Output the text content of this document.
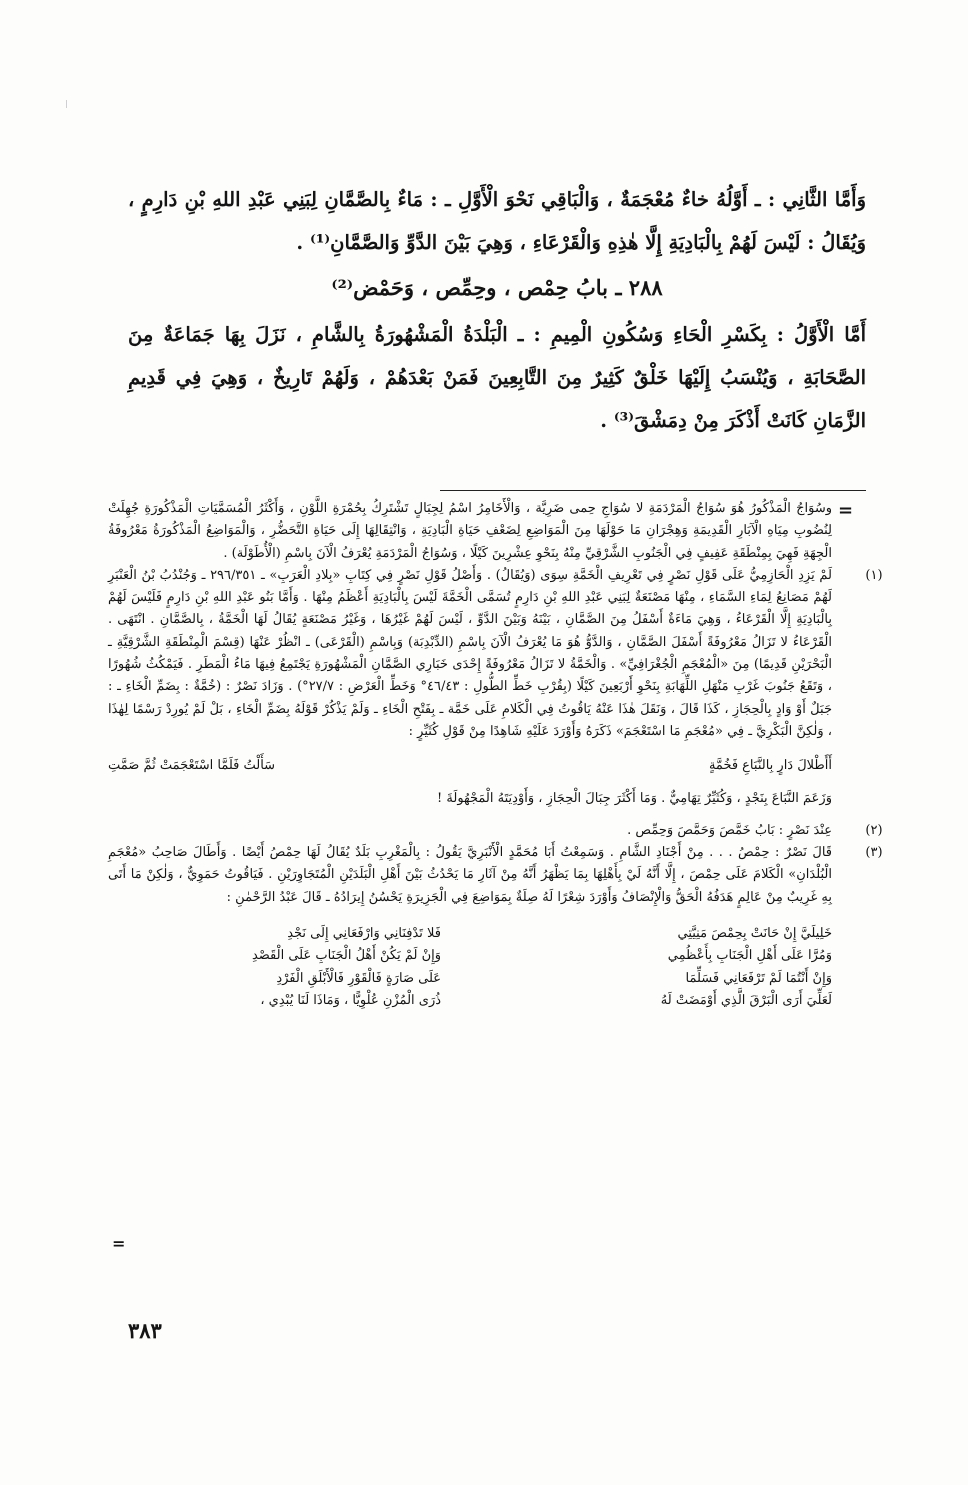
وَأَمَّا الثَّانِي : ـ أَوَّلُهُ خاءٌ مُعْجَمَةٌ ، وَالْبَاقِي نَحْوَ الْأَوَّلِ ـ : مَاءٌ بِالصَّمَّانِ لِبَنِي عَبْدِ اللهِ بْنِ دَارِمٍ ، وَيُقَالُ : لَيْسَ لَهُمْ بِالْبَادِيَةِ إِلَّا هٰذِهِ وَالْقَرْعَاءِ ، وَهِيَ بَيْنَ الدَّوِّ وَالصَّمَّانِ⁽¹⁾ .

٢٨٨ ـ بابُ حِمْص ، وحِمِّص ، وَحَمْض⁽²⁾

أَمَّا الْأَوَّلُ : بِكَسْرِ الْحَاءِ وَسُكُونِ الْمِيمِ : ـ الْبَلْدَةُ الْمَشْهُورَةُ بِالشَّامِ ، نَزَلَ بِهَا جَمَاعَةٌ مِنَ الصَّحَابَةِ ، وَيُنْسَبُ إِلَيْهَا خَلْقٌ كَثِيرٌ مِنَ التَّابِعِينَ فَمَنْ بَعْدَهُمْ ، وَلَهُمْ تَارِيخٌ ، وَهِيَ فِي قَدِيمِ الزَّمَانِ كَانَتْ أَذْكَرَ مِنْ دِمَشْقَ⁽³⁾ .

=

وسُوَاجُ الْمَذْكُورُ هُوَ سُوَاجُ الْمَرْدَمَةِ لا سُوَاجِ حِمى ضَرِيَّة ، وَالْأَخَامِرُ اسْمُ لِجِبَالٍ تَشْتَرِكُ بِحُمْرَةِ اللَّوْنِ ، وَأَكْثَرُ الْمُسَمَّيَاتِ الْمَذْكُورَةِ جُهِلَتْ لِنُضُوبِ مِيَاهِ الْآبَارِ الْقَدِيمَةِ وَهِجْرَانِ مَا حَوْلَهَا مِنَ الْمَوَاضِعِ لِضَعْفِ حَيَاةِ الْبَادِيَةِ ، وَانْتِقَالِهَا إِلَى حَيَاةِ التَّحَضُّرِ ، وَالْمَوَاضِعُ الْمَذْكُورَةُ مَعْرُوفَةُ الْجِهَةِ فَهِيَ بِمِنْطَقَةِ عَفِيفٍ فِي الْجَنُوبِ الشَّرْقِيِّ مِنْهُ بِنَحْوِ عِشْرِينَ كَيْلًا ، وَسُوَاجُ الْمَرْدَمَةِ يُعْرَفُ الْآنَ بِاسْمِ (الْأُطَوْلَة) .

(١)

لَمْ يَزِدِ الْحَازِمِيُّ عَلَى قَوْلِ نَصْرٍ فِي تَعْرِيفِ الْخَمَّةِ سِوَى (وَيُقَالُ) . وَأَصْلُ قَوْلِ نَصْرٍ فِي كِتَابِ «بِلادِ الْعَرَبِ» ـ ٢٩٦/٣٥١ ـ وَجُنْدُبُ بْنُ الْعَنْبَرِ لَهُمْ مَصَانِعُ لِمَاءِ السَّمَاءِ ، مِنْهَا مَصْنَعَةٌ لِبَنِي عَبْدِ اللهِ بْنِ دَارِمٍ تُسَمَّى الْخَمَّةَ لَيْسَ بِالْبَادِيَةِ أَعْظَمُ مِنْهَا . وَأَمَّا بَنُو عَبْدِ اللهِ بْنِ دَارِمٍ فَلَيْسَ لَهُمْ بِالْبَادِيَةِ إِلَّا الْقَرْعَاءُ ، وَهِيَ مَاءَةٌ أَسْفَلُ مِنَ الصَّمَّانِ ، بَيْنَهُ وَبَيْنَ الدَّوِّ ، لَيْسَ لَهُمْ غَيْرُهَا ، وَغَيْرُ مَصْنَعَةٍ يُقَالُ لَهَا الْخَمَّةُ ، بِالصَّمَّانِ . انْتَهَى . الْقَرْعَاءُ لا تَزَالُ مَعْرُوفَةً أَسْفَلَ الصَّمَّانِ ، وَالدَّوُّ هُوَ مَا يُعْرَفُ الْآنَ بِاسْمِ (الدِّبْدِبَة) وَبِاسْمِ (الْقَرْعَى) ـ انْظُرْ عَنْهَا (قِسْمَ الْمِنْطَقَةِ الشَّرْقِيَّةِ ـ الْبَحْرَيْنِ قَدِيمًا) مِنَ «الْمُعْجَمِ الْجُغْرَافِيِّ» . وَالْخَمَّةُ لا تَزَالُ مَعْرُوفَةً إِحْدَى خَبَارِي الصَّمَّانِ الْمَشْهُورَةِ يَجْتَمِعُ فِيهَا مَاءُ الْمَطَرِ . فَيَمْكُثُ شُهُورًا ، وَتَقَعُ جَنُوبَ غَرْبِ مَنْهَلِ اللِّهَابَةِ بِنَحْوِ أَرْبَعِينَ كَيْلًا (بِقُرْبِ خَطِّ الطُّولِ : ٤٦/٤٣° وَخَطِّ الْعَرْضِ : ٢٧/٧°) . وَزَادَ نَصْرٌ : (خُمَّةٌ : بِضَمِّ الْخَاءِ ـ : جَبَلٌ أَوْ وَادٍ بِالْحِجَازِ ، كَذَا قَالَ ، وَنَقَلَ هٰذَا عَنْهُ يَاقُوتُ فِي الْكَلامِ عَلَى خَمَّة ـ بِفَتْحِ الْخَاءِ ـ وَلَمْ يَذْكُرْ قَوْلَهُ بِضَمِّ الْخَاءِ ، بَلْ لَمْ يُورِدْ رَسْمًا لِهٰذَا ، وَلٰكِنَّ الْبَكْرِيَّ ـ فِي «مُعْجَمِ مَا اسْتَعْجَمَ» ذَكَرَهُ وَأَوْرَدَ عَلَيْهِ شَاهِدًا مِنْ قَوْلِ كُثَيِّرٍ :

أَأَطْلالَ دَارٍ بِالنَّبَاعِ فَخُمَّةٍ
سَأَلْتُ فَلَمَّا اسْتَعْجَمَتْ ثُمَّ صَمَّتِ

وَزَعَمَ النَّبَاعَ بِنَجْدٍ ، وَكُثَيِّرٌ تِهَامِيٌّ . وَمَا أَكْثَرَ جِبَالَ الْحِجَازِ ، وَأَوْدِيَتَهُ الْمَجْهُولَةَ !

(٢)

عِنْدَ نَصْرٍ : بَابُ خَمَّصَ وَحَمَّصَ وَحِمِّص .

(٣)

قَالَ نَصْرٌ : حِمْصُ . . . مِنْ أَجْنَادِ الشَّامِ . وَسَمِعْتُ أَبَا مُحَمَّدٍ الْأَنْبَرِيَّ يَقُولُ : بِالْمَغْرِبِ بَلَدٌ يُقَالُ لَهَا حِمْصُ أَيْضًا . وَأَطَالَ صَاحِبُ «مُعْجَمِ الْبُلْدَانِ» الْكَلامَ عَلَى حِمْصَ ، إِلَّا أَنَّهُ لَيْ بِأَهْلِهَا بِمَا يَظْهَرُ أَنَّهُ مِنْ آثَارِ مَا يَحْدُثُ بَيْنَ أَهْلِ الْبَلَدَيْنِ الْمُتَجَاوِرَيْنِ . فَيَاقُوتُ حَمَوِيٌّ ، وَلٰكِنْ مَا أَتَى بِهِ غَرِيبٌ مِنْ عَالِمٍ هَدَفُهُ الْحَقُّ وَالْإِنْصَافُ وَأَوْرَدَ شِعْرًا لَهُ صِلَةٌ بِمَوَاضِعَ فِي الْجَزِيرَةِ يَحْسُنُ إِيرَادُهُ ـ قَالَ عَبْدُ الرَّحْمٰنِ :

خَلِيلَيَّ إِنْ حَانَتْ بِحِمْصَ مَنِيَّتِي
فَلا تَدْفِنَانِي وَارْفَعَانِي إِلَى نَجْدِ
وَمُرَّا عَلَى أَهْلِ الْجَنَابِ بِأَعْظُمِي
وَإِنْ لَمْ يَكُنْ أَهْلُ الْجَنَابِ عَلَى الْقَصْدِ
وَإِنْ أَنْتُمَا لَمْ تَرْفَعَانِي فَسَلِّمَا
عَلَى صَارَةٍ فَالْقَوْرِ فَالْأَبْلَقِ الْفَرْدِ
لَعَلِّيَ أَرَى الْبَرْقَ الَّذِي أَوْمَضَتْ لَهُ
ذُرَى الْمُزْنِ عُلْوِيًّا ، وَمَاذَا لَنَا يُبْدِي ،
=
٣٨٣
